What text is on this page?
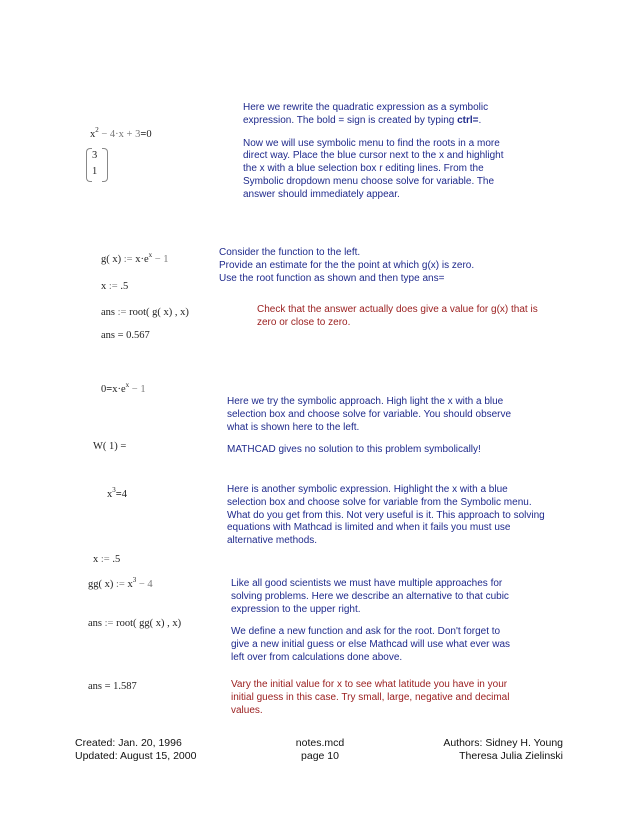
$x^2 - 4\cdot x + 3=0$
3
1

Here we rewrite the quadratic expression as a symbolic expression. The bold = sign is created by typing ctrl=.

Now we will use symbolic menu to find the roots in a more direct way. Place the blue cursor next to the x and highlight the x with a blue selection box r editing lines. From the Symbolic dropdown menu choose solve for variable. The answer should immediately appear.

g( x) := $x\cdot e^x - 1$
x := .5
ans := root( g( x) , x)
ans = 0.567
Consider the function to the left.
Provide an estimate for the the point at which g(x) is zero.
Use the root function as shown and then type ans=
Check that the answer actually does give a value for g(x) that is zero or close to zero.
$0=x\cdot e^x - 1$
W( 1) =

Here we try the symbolic approach. High light the x with a blue selection box and choose solve for variable. You should observe what is shown here to the left.

MATHCAD gives no solution to this problem symbolically!

$x^3=4$	Here is another symbolic expression. Highlight the x with a blue selection box and choose solve for variable from the Symbolic menu. What do you get from this. Not very useful is it. This approach to solving equations with Mathcad is limited and when it fails you must use alternative methods.
x := .5
gg( x) := $x^3 - 4$
ans := root( gg( x) , x)
ans = 1.587

Like all good scientists we must have multiple approaches for solving problems. Here we describe an alternative to that cubic expression to the upper right.

We define a new function and ask for the root. Don't forget to give a new initial guess or else Mathcad will use what ever was left over from calculations done above.

Vary the initial value for x to see what latitude you have in your initial guess in this case. Try small, large, negative and decimal values.
Created: Jan. 20, 1996
Updated: August 15, 2000
notes.mcd
page 10
Authors: Sidney H. Young
Theresa Julia Zielinski
